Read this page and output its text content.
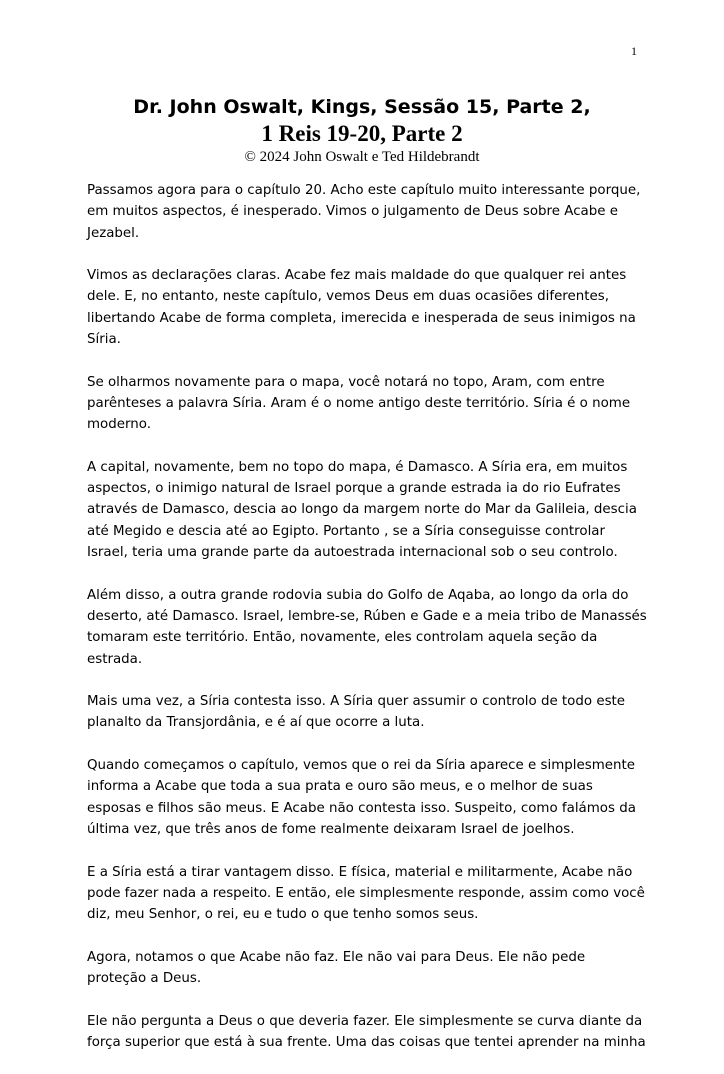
1

Dr. John Oswalt, Kings, Sessão 15, Parte 2,

1 Reis 19-20, Parte 2

© 2024 John Oswalt e Ted Hildebrandt

Passamos agora para o capítulo 20. Acho este capítulo muito interessante porque, em muitos aspectos, é inesperado. Vimos o julgamento de Deus sobre Acabe e Jezabel.

Vimos as declarações claras. Acabe fez mais maldade do que qualquer rei antes dele. E, no entanto, neste capítulo, vemos Deus em duas ocasiões diferentes, libertando Acabe de forma completa, imerecida e inesperada de seus inimigos na Síria.

Se olharmos novamente para o mapa, você notará no topo, Aram, com entre parênteses a palavra Síria. Aram é o nome antigo deste território. Síria é o nome moderno.

A capital, novamente, bem no topo do mapa, é Damasco. A Síria era, em muitos aspectos, o inimigo natural de Israel porque a grande estrada ia do rio Eufrates através de Damasco, descia ao longo da margem norte do Mar da Galileia, descia até Megido e descia até ao Egipto. Portanto , se a Síria conseguisse controlar Israel, teria uma grande parte da autoestrada internacional sob o seu controlo.

Além disso, a outra grande rodovia subia do Golfo de Aqaba, ao longo da orla do deserto, até Damasco. Israel, lembre-se, Rúben e Gade e a meia tribo de Manassés tomaram este território. Então, novamente, eles controlam aquela seção da estrada.

Mais uma vez, a Síria contesta isso. A Síria quer assumir o controlo de todo este planalto da Transjordânia, e é aí que ocorre a luta.

Quando começamos o capítulo, vemos que o rei da Síria aparece e simplesmente informa a Acabe que toda a sua prata e ouro são meus, e o melhor de suas esposas e filhos são meus. E Acabe não contesta isso. Suspeito, como falámos da última vez, que três anos de fome realmente deixaram Israel de joelhos.

E a Síria está a tirar vantagem disso. E física, material e militarmente, Acabe não pode fazer nada a respeito. E então, ele simplesmente responde, assim como você diz, meu Senhor, o rei, eu e tudo o que tenho somos seus.

Agora, notamos o que Acabe não faz. Ele não vai para Deus. Ele não pede proteção a Deus.

Ele não pergunta a Deus o que deveria fazer. Ele simplesmente se curva diante da força superior que está à sua frente. Uma das coisas que tentei aprender na minha
